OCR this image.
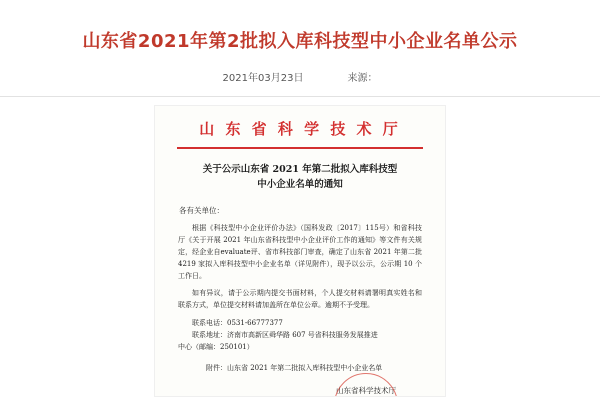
山东省2021年第2批拟入库科技型中小企业名单公示
2021年03月23日	来源：
山 东 省 科 学 技 术 厅
关于公示山东省 2021 年第二批拟入库科技型
中小企业名单的通知
各有关单位：

根据《科技型中小企业评价办法》（国科发政〔2017〕115号）和省科技厅《关于开展 2021 年山东省科技型中小企业评价工作的通知》等文件有关规定，经企业自evaluate评、省市科技部门审查，确定了山东省 2021 年第二批 4219 家拟入库科技型中小企业名单（详见附件），现予以公示，公示期 10 个工作日。

如有异议，请于公示期内提交书面材料，个人提交材料请署明真实姓名和联系方式，单位提交材料请加盖所在单位公章。逾期不予受理。

联系电话：0531-66777377

联系地址：济南市高新区舜华路 607 号省科技服务发展推进

中心（邮编：250101）

附件：山东省 2021 年第二批拟入库科技型中小企业名单

山东省科学技术厅
